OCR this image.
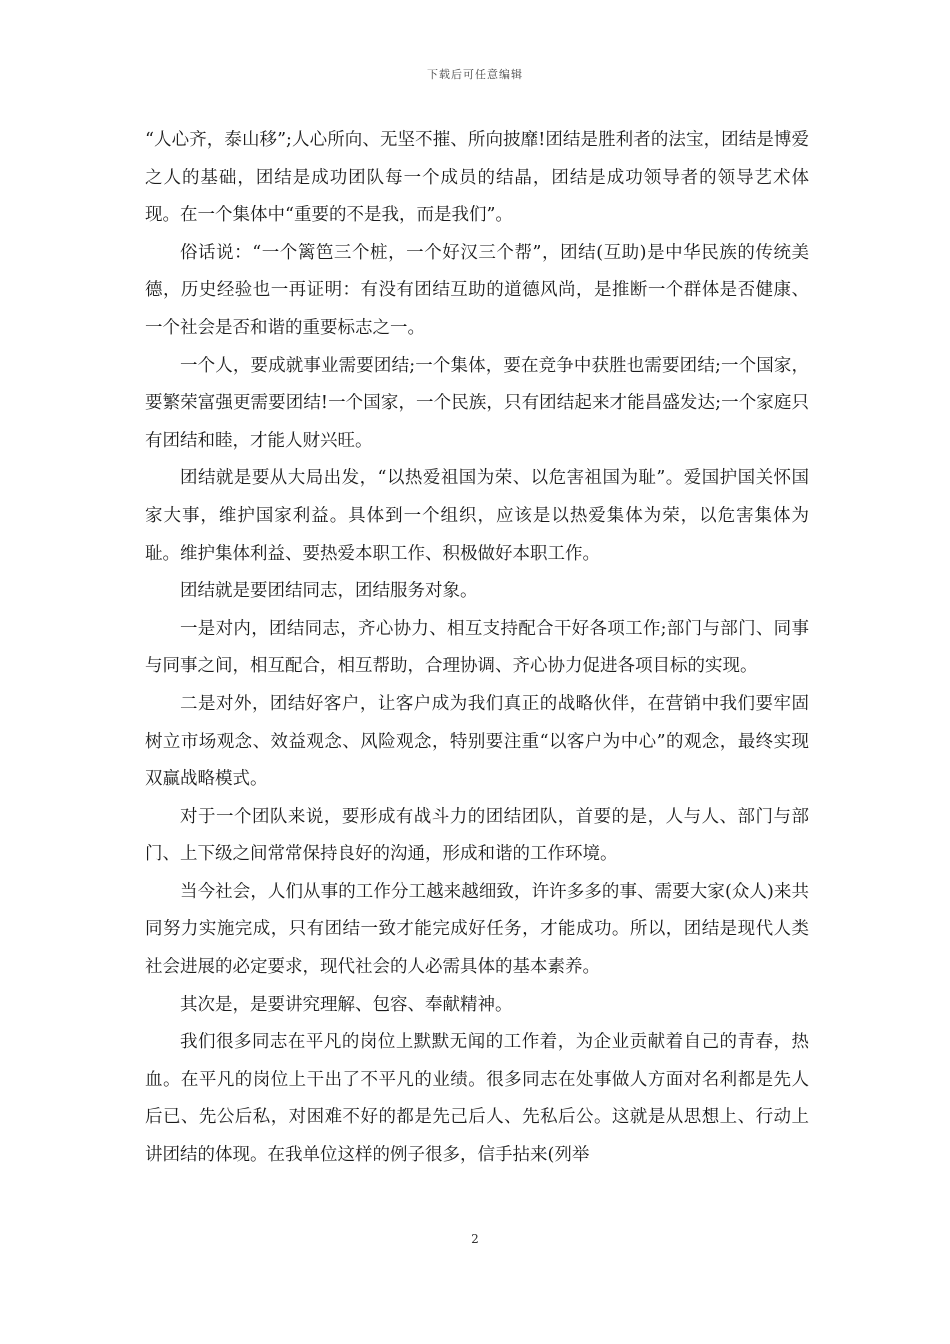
下载后可任意编辑

“人心齐，泰山移”;人心所向、无坚不摧、所向披靡!团结是胜利者的法宝，团结是博爱之人的基础，团结是成功团队每一个成员的结晶，团结是成功领导者的领导艺术体现。在一个集体中“重要的不是我，而是我们”。

俗话说：“一个篱笆三个桩，一个好汉三个帮”，团结(互助)是中华民族的传统美德，历史经验也一再证明：有没有团结互助的道德风尚，是推断一个群体是否健康、一个社会是否和谐的重要标志之一。

一个人，要成就事业需要团结;一个集体，要在竞争中获胜也需要团结;一个国家，要繁荣富强更需要团结!一个国家，一个民族，只有团结起来才能昌盛发达;一个家庭只有团结和睦，才能人财兴旺。

团结就是要从大局出发，“以热爱祖国为荣、以危害祖国为耻”。爱国护国关怀国家大事，维护国家利益。具体到一个组织，应该是以热爱集体为荣，以危害集体为耻。维护集体利益、要热爱本职工作、积极做好本职工作。

团结就是要团结同志，团结服务对象。

一是对内，团结同志，齐心协力、相互支持配合干好各项工作;部门与部门、同事与同事之间，相互配合，相互帮助，合理协调、齐心协力促进各项目标的实现。

二是对外，团结好客户，让客户成为我们真正的战略伙伴，在营销中我们要牢固树立市场观念、效益观念、风险观念，特别要注重“以客户为中心”的观念，最终实现双赢战略模式。

对于一个团队来说，要形成有战斗力的团结团队，首要的是，人与人、部门与部门、上下级之间常常保持良好的沟通，形成和谐的工作环境。

当今社会，人们从事的工作分工越来越细致，许许多多的事、需要大家(众人)来共同努力实施完成，只有团结一致才能完成好任务，才能成功。所以，团结是现代人类社会进展的必定要求，现代社会的人必需具体的基本素养。

其次是，是要讲究理解、包容、奉献精神。

我们很多同志在平凡的岗位上默默无闻的工作着，为企业贡献着自己的青春，热血。在平凡的岗位上干出了不平凡的业绩。很多同志在处事做人方面对名利都是先人后已、先公后私，对困难不好的都是先己后人、先私后公。这就是从思想上、行动上讲团结的体现。在我单位这样的例子很多，信手拈来(列举

2
